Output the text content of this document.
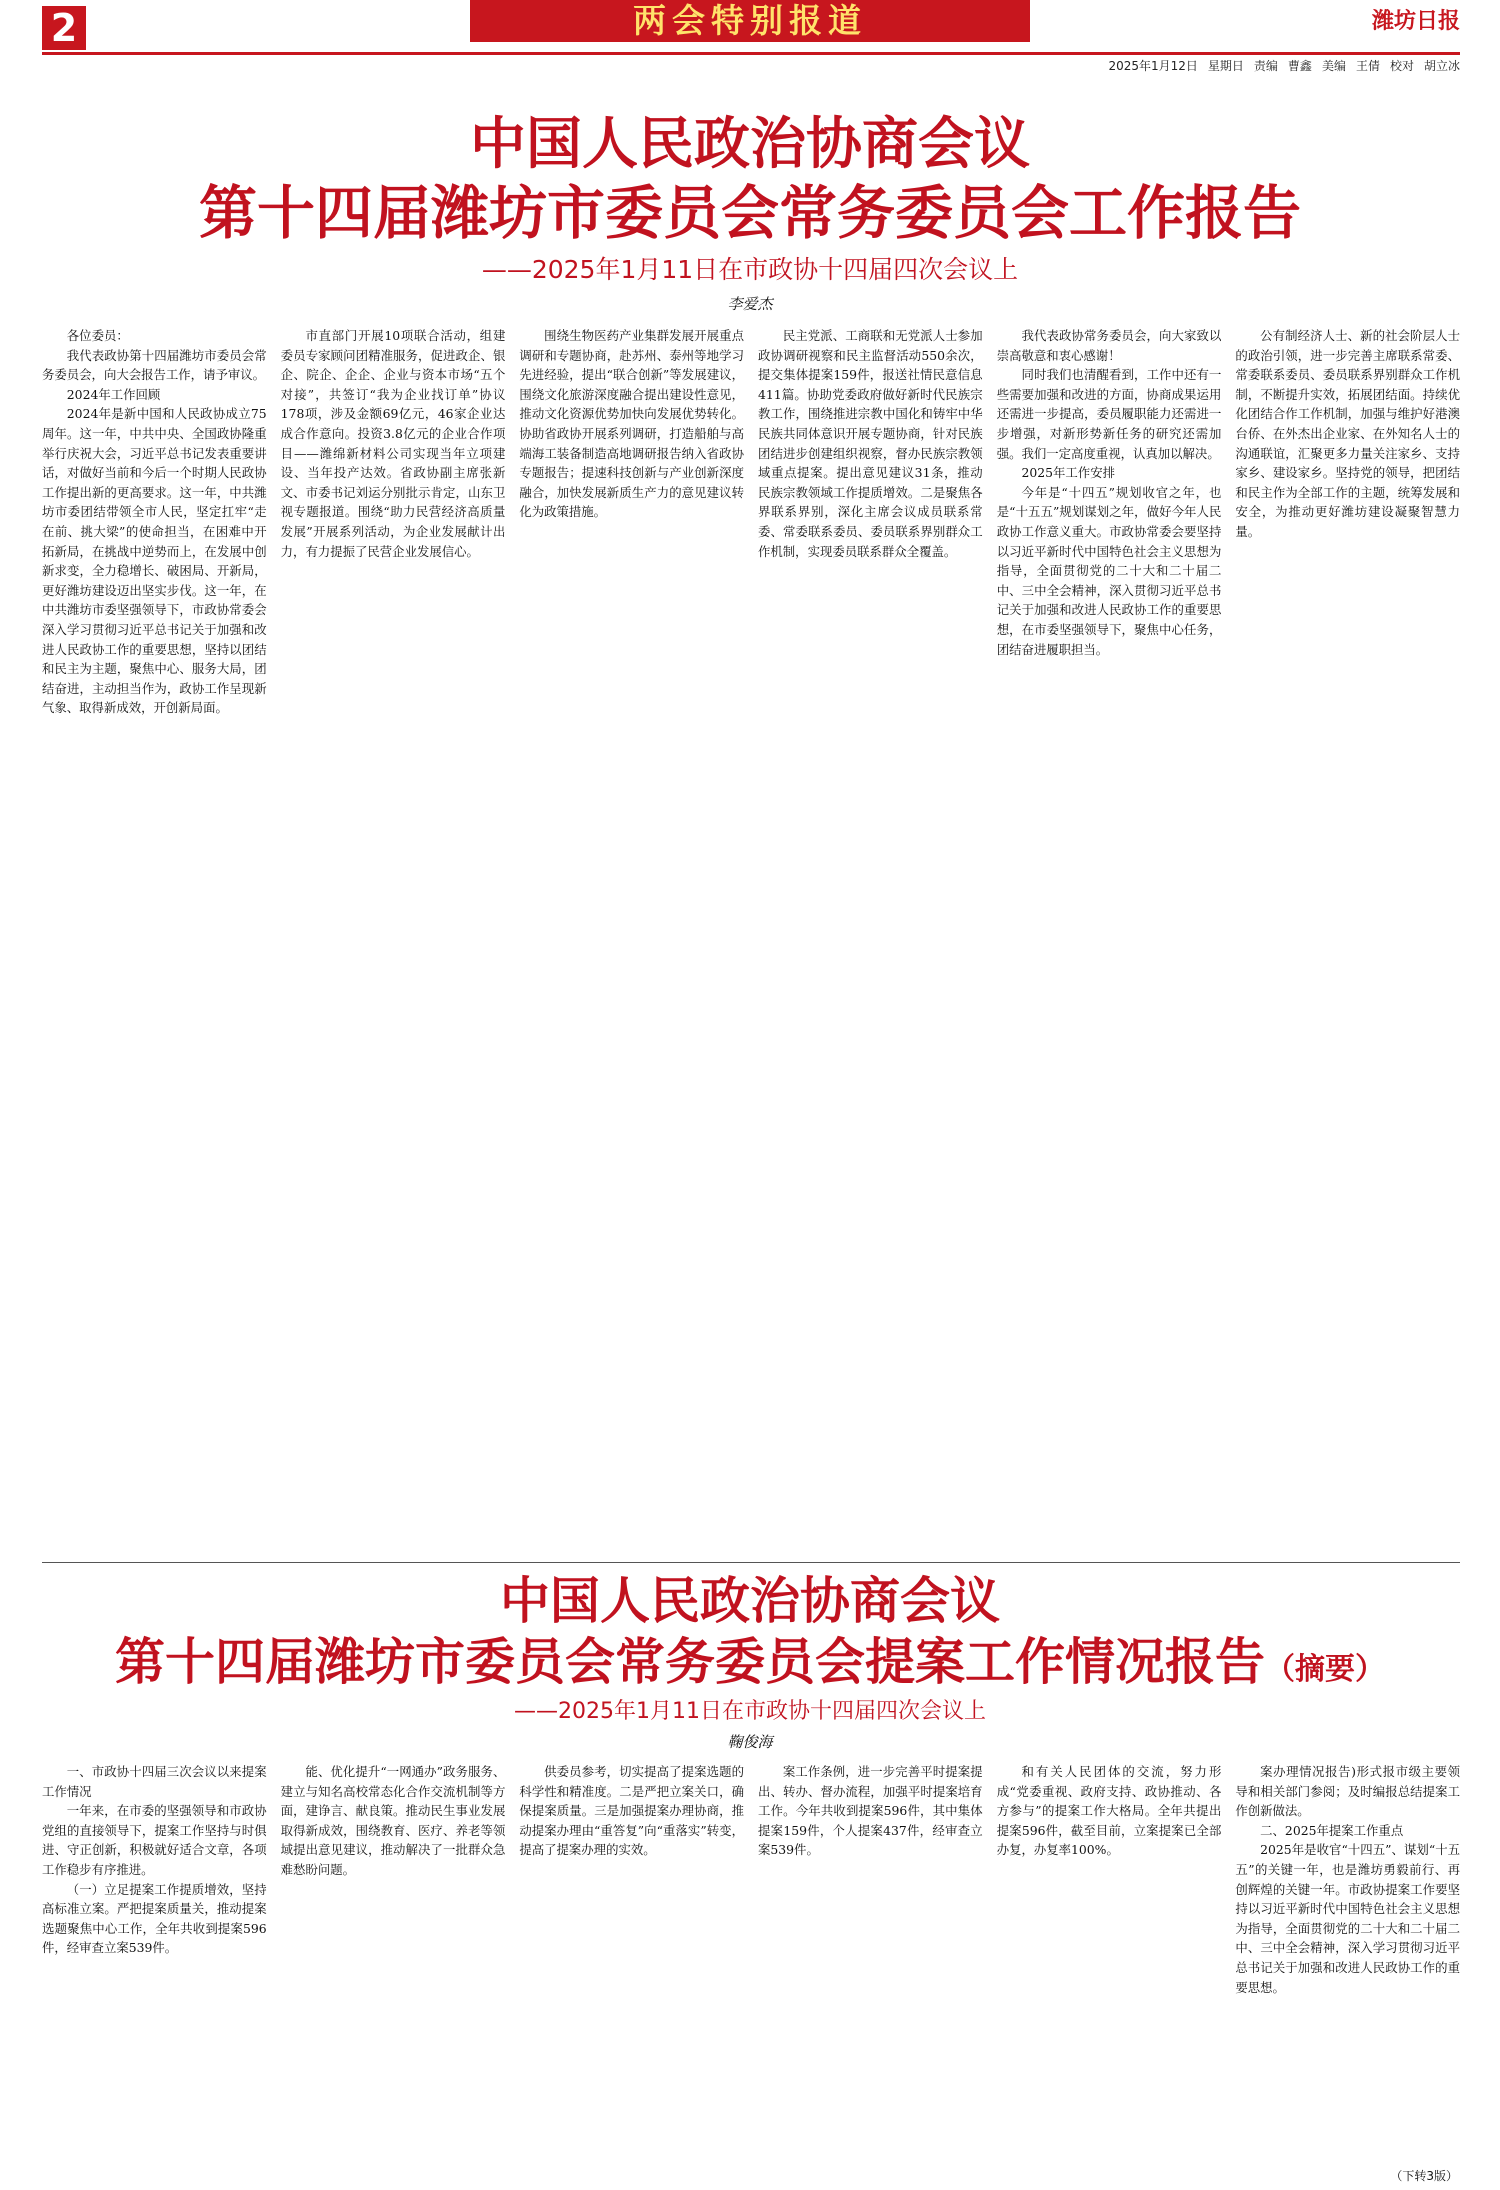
2	两会特别报道	潍坊日报
2025年1月12日 星期日 责编 曹鑫 美编 王倩 校对 胡立冰
中国人民政治协商会议
第十四届潍坊市委员会常务委员会工作报告
——2025年1月11日在市政协十四届四次会议上
李爱杰

各位委员：

我代表政协第十四届潍坊市委员会常务委员会，向大会报告工作，请予审议。

2024年工作回顾

2024年是新中国和人民政协成立75周年。这一年，中共中央、全国政协隆重举行庆祝大会，习近平总书记发表重要讲话，对做好当前和今后一个时期人民政协工作提出新的更高要求。这一年，中共潍坊市委团结带领全市人民，坚定扛牢“走在前、挑大梁”的使命担当，在困难中开拓新局，在挑战中逆势而上，在发展中创新求变，全力稳增长、破困局、开新局，更好潍坊建设迈出坚实步伐。这一年，在中共潍坊市委坚强领导下，市政协常委会深入学习贯彻习近平总书记关于加强和改进人民政协工作的重要思想，坚持以团结和民主为主题，聚焦中心、服务大局，团结奋进，主动担当作为，政协工作呈现新气象、取得新成效，开创新局面。

市直部门开展10项联合活动，组建委员专家顾问团精准服务，促进政企、银企、院企、企企、企业与资本市场“五个对接”，共签订“我为企业找订单”协议178项，涉及金额69亿元，46家企业达成合作意向。投资3.8亿元的企业合作项目——潍绵新材料公司实现当年立项建设、当年投产达效。省政协副主席张新文、市委书记刘运分别批示肯定，山东卫视专题报道。围绕“助力民营经济高质量发展”开展系列活动，为企业发展献计出力，有力提振了民营企业发展信心。

围绕生物医药产业集群发展开展重点调研和专题协商，赴苏州、泰州等地学习先进经验，提出“联合创新”等发展建议，围绕文化旅游深度融合提出建设性意见，推动文化资源优势加快向发展优势转化。协助省政协开展系列调研，打造船舶与高端海工装备制造高地调研报告纳入省政协专题报告；提速科技创新与产业创新深度融合，加快发展新质生产力的意见建议转化为政策措施。

民主党派、工商联和无党派人士参加政协调研视察和民主监督活动550余次，提交集体提案159件，报送社情民意信息411篇。协助党委政府做好新时代民族宗教工作，围绕推进宗教中国化和铸牢中华民族共同体意识开展专题协商，针对民族团结进步创建组织视察，督办民族宗教领域重点提案。提出意见建议31条，推动民族宗教领域工作提质增效。二是聚焦各界联系界别，深化主席会议成员联系常委、常委联系委员、委员联系界别群众工作机制，实现委员联系群众全覆盖。

我代表政协常务委员会，向大家致以崇高敬意和衷心感谢！

同时我们也清醒看到，工作中还有一些需要加强和改进的方面，协商成果运用还需进一步提高，委员履职能力还需进一步增强，对新形势新任务的研究还需加强。我们一定高度重视，认真加以解决。

2025年工作安排

今年是“十四五”规划收官之年，也是“十五五”规划谋划之年，做好今年人民政协工作意义重大。市政协常委会要坚持以习近平新时代中国特色社会主义思想为指导，全面贯彻党的二十大和二十届二中、三中全会精神，深入贯彻习近平总书记关于加强和改进人民政协工作的重要思想，在市委坚强领导下，聚焦中心任务，团结奋进履职担当。

公有制经济人士、新的社会阶层人士的政治引领，进一步完善主席联系常委、常委联系委员、委员联系界别群众工作机制，不断提升实效，拓展团结面。持续优化团结合作工作机制，加强与维护好港澳台侨、在外杰出企业家、在外知名人士的沟通联谊，汇聚更多力量关注家乡、支持家乡、建设家乡。坚持党的领导，把团结和民主作为全部工作的主题，统筹发展和安全，为推动更好潍坊建设凝聚智慧力量。

中国人民政治协商会议
第十四届潍坊市委员会常务委员会提案工作情况报告（摘要）
——2025年1月11日在市政协十四届四次会议上
鞠俊海

一、市政协十四届三次会议以来提案工作情况

一年来，在市委的坚强领导和市政协党组的直接领导下，提案工作坚持与时俱进、守正创新，积极就好适合文章，各项工作稳步有序推进。

（一）立足提案工作提质增效，坚持高标准立案。严把提案质量关，推动提案选题聚焦中心工作，全年共收到提案596件，经审查立案539件。

能、优化提升“一网通办”政务服务、建立与知名高校常态化合作交流机制等方面，建诤言、献良策。推动民生事业发展取得新成效，围绕教育、医疗、养老等领域提出意见建议，推动解决了一批群众急难愁盼问题。

供委员参考，切实提高了提案选题的科学性和精准度。二是严把立案关口，确保提案质量。三是加强提案办理协商，推动提案办理由“重答复”向“重落实”转变，提高了提案办理的实效。

案工作条例，进一步完善平时提案提出、转办、督办流程，加强平时提案培育工作。今年共收到提案596件，其中集体提案159件，个人提案437件，经审查立案539件。

和有关人民团体的交流，努力形成“党委重视、政府支持、政协推动、各方参与”的提案工作大格局。全年共提出提案596件，截至目前，立案提案已全部办复，办复率100%。

案办理情况报告)形式报市级主要领导和相关部门参阅；及时编报总结提案工作创新做法。

二、2025年提案工作重点

2025年是收官“十四五”、谋划“十五五”的关键一年，也是潍坊勇毅前行、再创辉煌的关键一年。市政协提案工作要坚持以习近平新时代中国特色社会主义思想为指导，全面贯彻党的二十大和二十届二中、三中全会精神，深入学习贯彻习近平总书记关于加强和改进人民政协工作的重要思想。

（下转3版）
